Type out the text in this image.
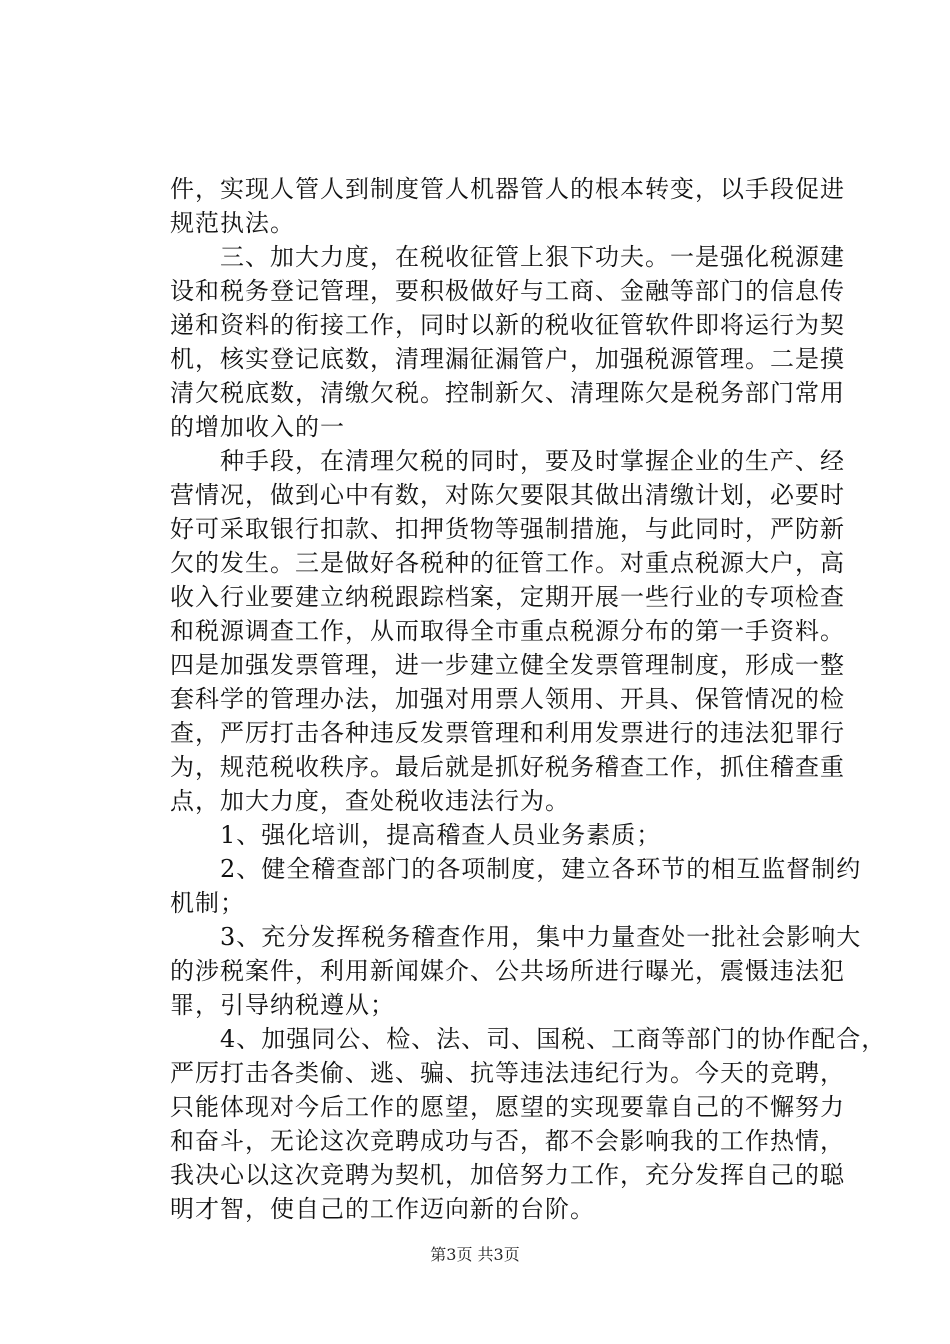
件，实现人管人到制度管人机器管人的根本转变，以手段促进
规范执法。
　　三、加大力度，在税收征管上狠下功夫。一是强化税源建
设和税务登记管理，要积极做好与工商、金融等部门的信息传
递和资料的衔接工作，同时以新的税收征管软件即将运行为契
机，核实登记底数，清理漏征漏管户，加强税源管理。二是摸
清欠税底数，清缴欠税。控制新欠、清理陈欠是税务部门常用
的增加收入的一
　　种手段，在清理欠税的同时，要及时掌握企业的生产、经
营情况，做到心中有数，对陈欠要限其做出清缴计划，必要时
好可采取银行扣款、扣押货物等强制措施，与此同时，严防新
欠的发生。三是做好各税种的征管工作。对重点税源大户，高
收入行业要建立纳税跟踪档案，定期开展一些行业的专项检查
和税源调查工作，从而取得全市重点税源分布的第一手资料。
四是加强发票管理，进一步建立健全发票管理制度，形成一整
套科学的管理办法，加强对用票人领用、开具、保管情况的检
查，严厉打击各种违反发票管理和利用发票进行的违法犯罪行
为，规范税收秩序。最后就是抓好税务稽查工作，抓住稽查重
点，加大力度，查处税收违法行为。
　　1、强化培训，提高稽查人员业务素质；
　　2、健全稽查部门的各项制度，建立各环节的相互监督制约
机制；
　　3、充分发挥税务稽查作用，集中力量查处一批社会影响大
的涉税案件，利用新闻媒介、公共场所进行曝光，震慑违法犯
罪，引导纳税遵从；
　　4、加强同公、检、法、司、国税、工商等部门的协作配合，
严厉打击各类偷、逃、骗、抗等违法违纪行为。今天的竞聘，
只能体现对今后工作的愿望，愿望的实现要靠自己的不懈努力
和奋斗，无论这次竞聘成功与否，都不会影响我的工作热情，
我决心以这次竞聘为契机，加倍努力工作，充分发挥自己的聪
明才智，使自己的工作迈向新的台阶。
第3页 共3页
